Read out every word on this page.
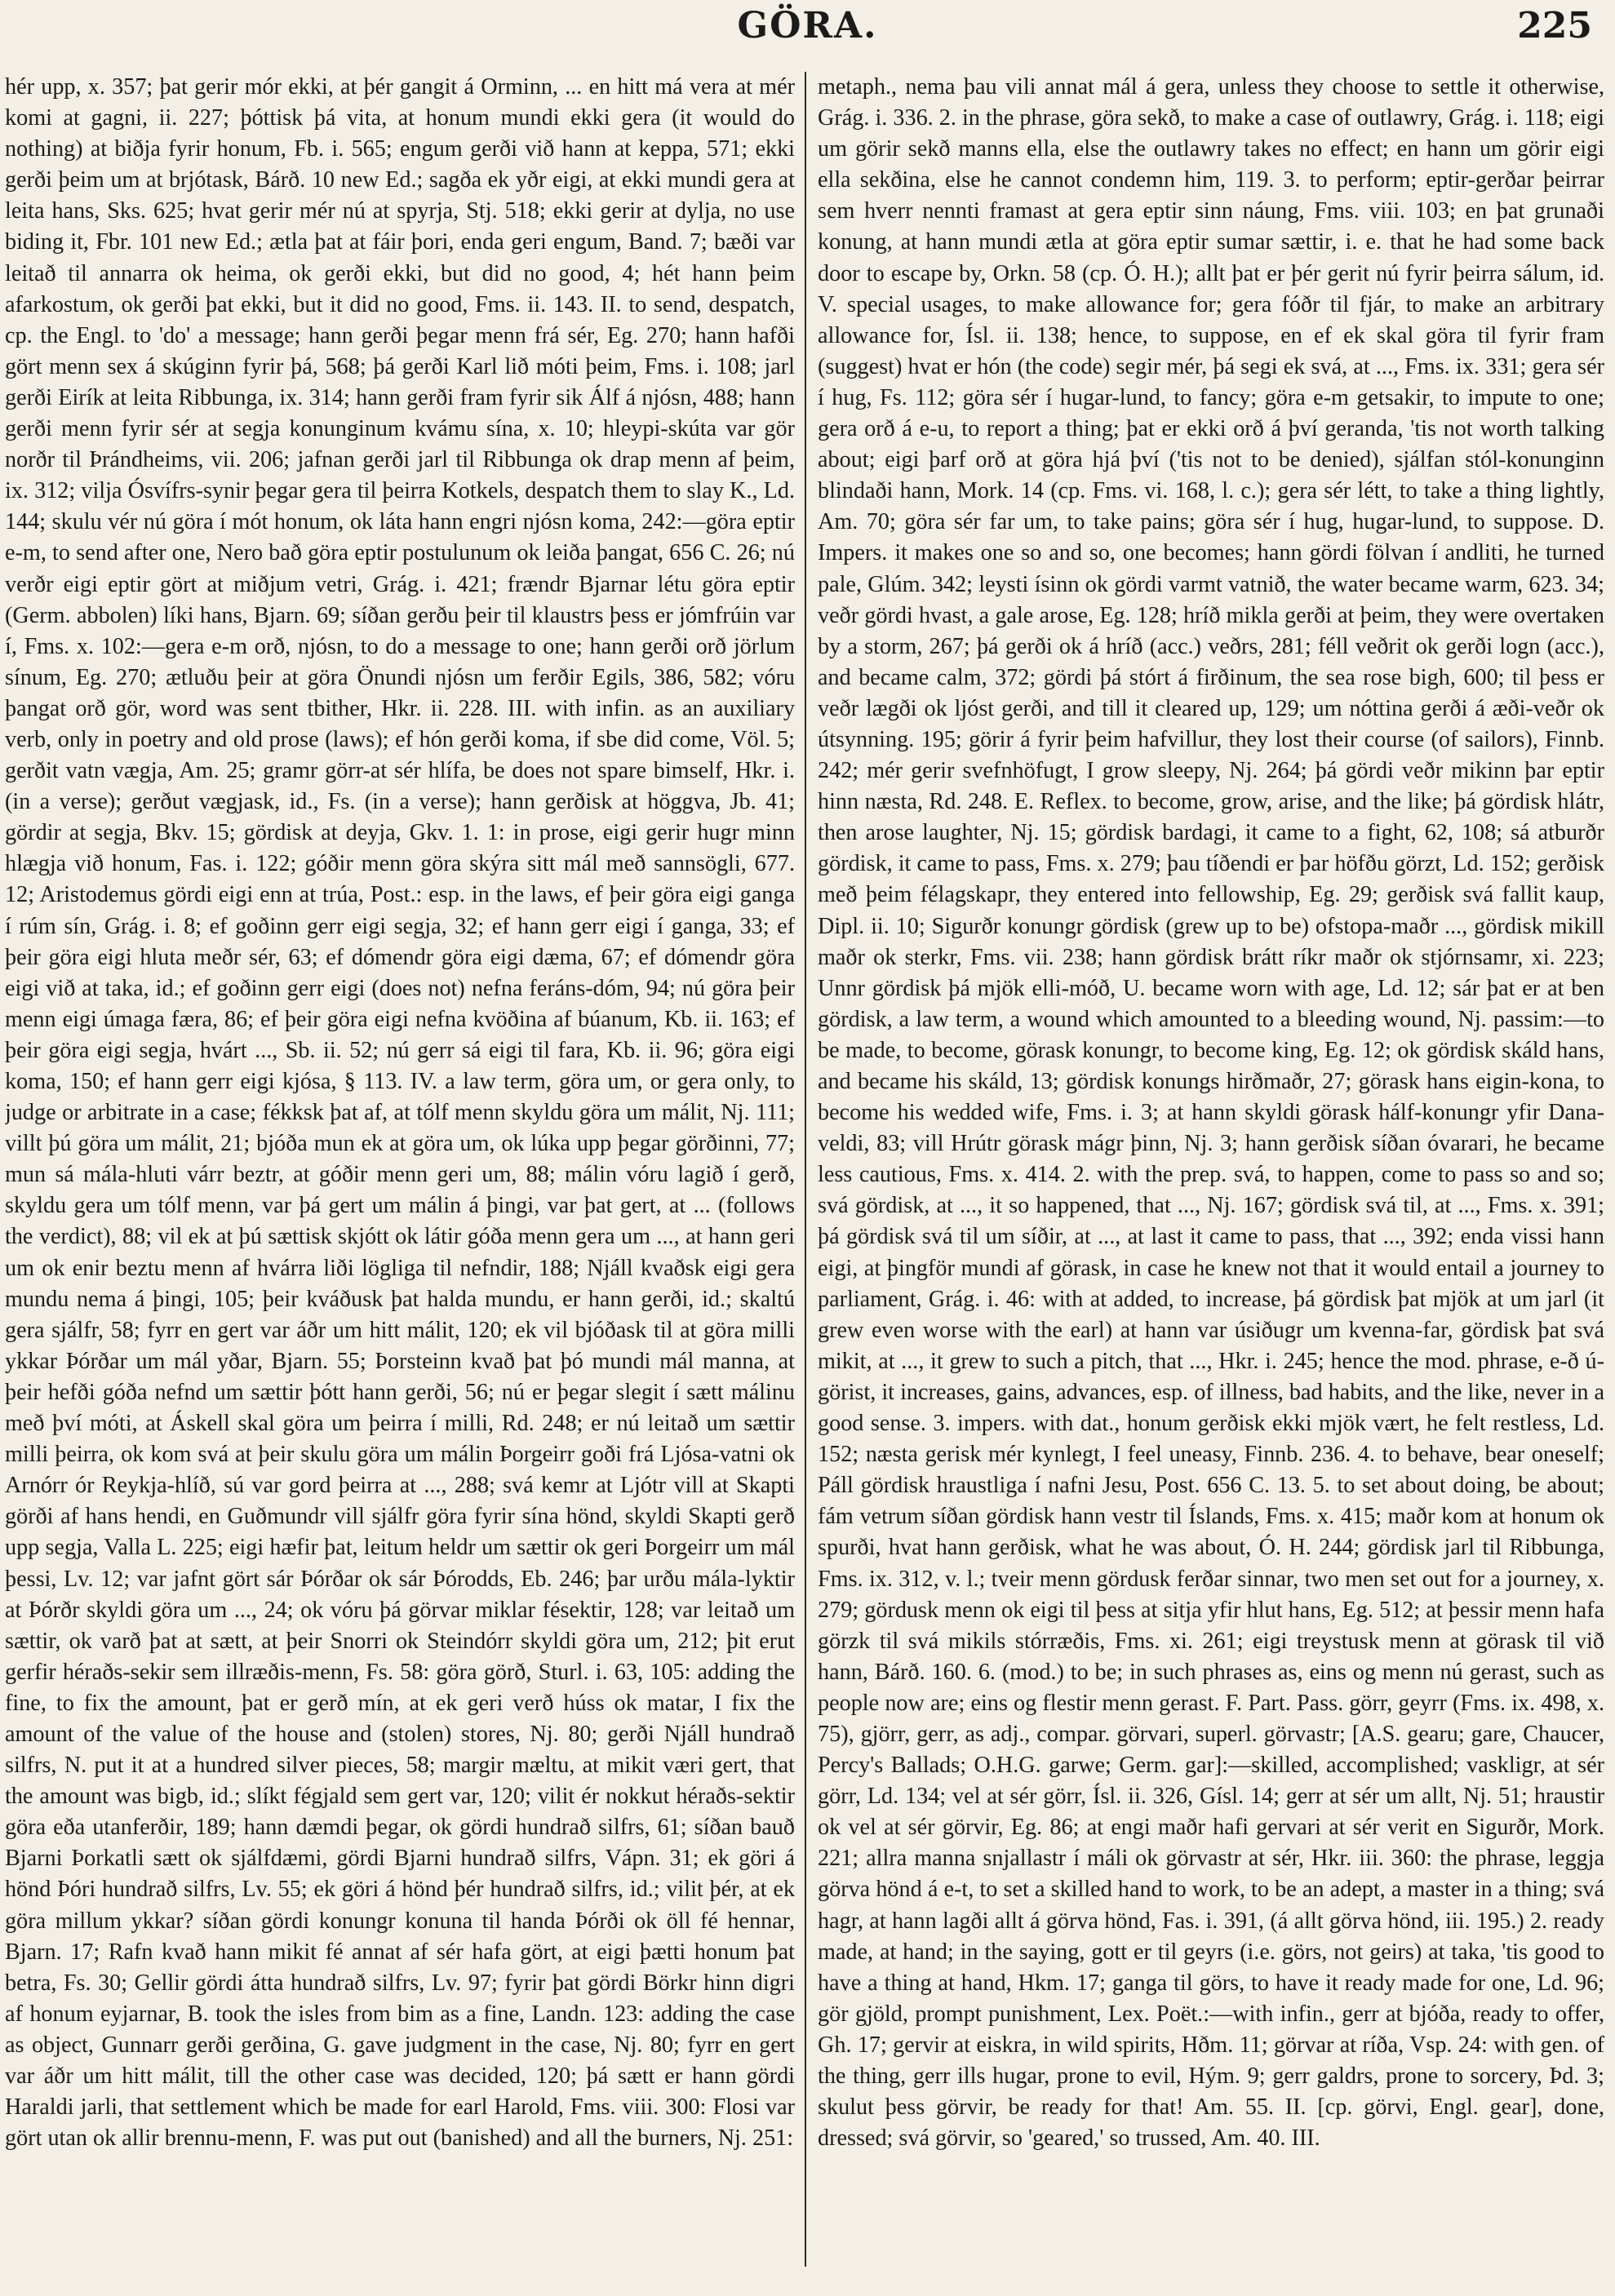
GÖRA.	225

hér upp, x. 357; þat gerir mór ekki, at þér gangit á Orminn, ... en hitt má vera at mér komi at gagni, ii. 227; þóttisk þá vita, at honum mundi ekki gera (it would do nothing) at biðja fyrir honum, Fb. i. 565; engum gerði við hann at keppa, 571; ekki gerði þeim um at brjótask, Bárð. 10 new Ed.; sagða ek yðr eigi, at ekki mundi gera at leita hans, Sks. 625; hvat gerir mér nú at spyrja, Stj. 518; ekki gerir at dylja, no use biding it, Fbr. 101 new Ed.; ætla þat at fáir þori, enda geri engum, Band. 7; bæði var leitað til annarra ok heima, ok gerði ekki, but did no good, 4; hét hann þeim afarkostum, ok gerði þat ekki, but it did no good, Fms. ii. 143. II. to send, despatch, cp. the Engl. to 'do' a message; hann gerði þegar menn frá sér, Eg. 270; hann hafði gört menn sex á skúginn fyrir þá, 568; þá gerði Karl lið móti þeim, Fms. i. 108; jarl gerði Eirík at leita Ribbunga, ix. 314; hann gerði fram fyrir sik Álf á njósn, 488; hann gerði menn fyrir sér at segja konunginum kvámu sína, x. 10; hleypi-skúta var gör norðr til Þrándheims, vii. 206; jafnan gerði jarl til Ribbunga ok drap menn af þeim, ix. 312; vilja Ósvífrs-synir þegar gera til þeirra Kotkels, despatch them to slay K., Ld. 144; skulu vér nú göra í mót honum, ok láta hann engri njósn koma, 242:—göra eptir e-m, to send after one, Nero bað göra eptir postulunum ok leiða þangat, 656 C. 26; nú verðr eigi eptir gört at miðjum vetri, Grág. i. 421; frændr Bjarnar létu göra eptir (Germ. abbolen) líki hans, Bjarn. 69; síðan gerðu þeir til klaustrs þess er jómfrúin var í, Fms. x. 102:—gera e-m orð, njósn, to do a message to one; hann gerði orð jörlum sínum, Eg. 270; ætluðu þeir at göra Önundi njósn um ferðir Egils, 386, 582; vóru þangat orð gör, word was sent tbither, Hkr. ii. 228. III. with infin. as an auxiliary verb, only in poetry and old prose (laws); ef hón gerði koma, if sbe did come, Völ. 5; gerðit vatn vægja, Am. 25; gramr görr-at sér hlífa, be does not spare bimself, Hkr. i. (in a verse); gerðut vægjask, id., Fs. (in a verse); hann gerðisk at höggva, Jb. 41; gördir at segja, Bkv. 15; gördisk at deyja, Gkv. 1. 1: in prose, eigi gerir hugr minn hlægja við honum, Fas. i. 122; góðir menn göra skýra sitt mál með sannsögli, 677. 12; Aristodemus gördi eigi enn at trúa, Post.: esp. in the laws, ef þeir göra eigi ganga í rúm sín, Grág. i. 8; ef goðinn gerr eigi segja, 32; ef hann gerr eigi í ganga, 33; ef þeir göra eigi hluta meðr sér, 63; ef dómendr göra eigi dæma, 67; ef dómendr göra eigi við at taka, id.; ef goðinn gerr eigi (does not) nefna feráns-dóm, 94; nú göra þeir menn eigi úmaga færa, 86; ef þeir göra eigi nefna kvöðina af búanum, Kb. ii. 163; ef þeir göra eigi segja, hvárt ..., Sb. ii. 52; nú gerr sá eigi til fara, Kb. ii. 96; göra eigi koma, 150; ef hann gerr eigi kjósa, § 113. IV. a law term, göra um, or gera only, to judge or arbitrate in a case; fékksk þat af, at tólf menn skyldu göra um málit, Nj. 111; villt þú göra um málit, 21; bjóða mun ek at göra um, ok lúka upp þegar görðinni, 77; mun sá málа-hluti várr beztr, at góðir menn geri um, 88; málin vóru lagið í gerð, skyldu gera um tólf menn, var þá gert um málin á þingi, var þat gert, at ... (follows the verdict), 88; vil ek at þú sættisk skjótt ok látir góða menn gera um ..., at hann geri um ok enir beztu menn af hvárra liði lögliga til nefndir, 188; Njáll kvaðsk eigi gera mundu nema á þingi, 105; þeir kváðusk þat halda mundu, er hann gerði, id.; skaltú gera sjálfr, 58; fyrr en gert var áðr um hitt málit, 120; ek vil bjóðask til at göra milli ykkar Þórðar um mál yðar, Bjarn. 55; Þorsteinn kvað þat þó mundi mál manna, at þeir hefði góða nefnd um sættir þótt hann gerði, 56; nú er þegar slegit í sætt málinu með því móti, at Áskell skal göra um þeirra í milli, Rd. 248; er nú leitað um sættir milli þeirra, ok kom svá at þeir skulu göra um málin Þorgeirr goði frá Ljósa-vatni ok Arnórr ór Reykja-hlíð, sú var gord þeirra at ..., 288; svá kemr at Ljótr vill at Skapti görði af hans hendi, en Guðmundr vill sjálfr göra fyrir sína hönd, skyldi Skapti gerð upp segja, Valla L. 225; eigi hæfir þat, leitum heldr um sættir ok geri Þorgeirr um mál þessi, Lv. 12; var jafnt gört sár Þórðar ok sár Þórodds, Eb. 246; þar urðu mála-lyktir at Þórðr skyldi göra um ..., 24; ok vóru þá görvar miklar fésektir, 128; var leitað um sættir, ok varð þat at sætt, at þeir Snorri ok Steindórr skyldi göra um, 212; þit erut gerfir héraðs-sekir sem illræðis-menn, Fs. 58: göra görð, Sturl. i. 63, 105: adding the fine, to fix the amount, þat er gerð mín, at ek geri verð húss ok matar, I fix the amount of the value of the house and (stolen) stores, Nj. 80; gerði Njáll hundrað silfrs, N. put it at a hundred silver pieces, 58; margir mæltu, at mikit væri gert, that the amount was bigb, id.; slíkt fégjald sem gert var, 120; vilit ér nokkut héraðs-sektir göra eða utanferðir, 189; hann dæmdi þegar, ok gördi hundrað silfrs, 61; síðan bauð Bjarni Þorkatli sætt ok sjálfdæmi, gördi Bjarni hundrað silfrs, Vápn. 31; ek göri á hönd Þóri hundrað silfrs, Lv. 55; ek göri á hönd þér hundrað silfrs, id.; vilit þér, at ek göra millum ykkar? síðan gördi konungr konuna til handa Þórði ok öll fé hennar, Bjarn. 17; Rafn kvað hann mikit fé annat af sér hafa gört, at eigi þætti honum þat betra, Fs. 30; Gellir gördi átta hundrað silfrs, Lv. 97; fyrir þat gördi Börkr hinn digri af honum eyjarnar, B. took the isles from bim as a fine, Landn. 123: adding the case as object, Gunnarr gerði gerðina, G. gave judgment in the case, Nj. 80; fyrr en gert var áðr um hitt málit, till the other case was decided, 120; þá sætt er hann gördi Haraldi jarli, that settlement which be made for earl Harold, Fms. viii. 300: Flosi var gört utan ok allir brennu-menn, F. was put out (banished) and all the burners, Nj. 251:

metaph., nema þau vili annat mál á gera, unless they choose to settle it otherwise, Grág. i. 336. 2. in the phrase, göra sekð, to make a case of outlawry, Grág. i. 118; eigi um görir sekð manns ella, else the outlawry takes no effect; en hann um görir eigi ella sekðina, else he cannot condemn him, 119. 3. to perform; eptir-gerðar þeirrar sem hverr nennti framast at gera eptir sinn náung, Fms. viii. 103; en þat grunaði konung, at hann mundi ætla at göra eptir sumar sættir, i. e. that he had some back door to escape by, Orkn. 58 (cp. Ó. H.); allt þat er þér gerit nú fyrir þeirra sálum, id. V. special usages, to make allowance for; gera fóðr til fjár, to make an arbitrary allowance for, Ísl. ii. 138; hence, to suppose, en ef ek skal göra til fyrir fram (suggest) hvat er hón (the code) segir mér, þá segi ek svá, at ..., Fms. ix. 331; gera sér í hug, Fs. 112; göra sér í hugar-lund, to fancy; göra e-m getsakir, to impute to one; gera orð á e-u, to report a thing; þat er ekki orð á því geranda, 'tis not worth talking about; eigi þarf orð at göra hjá því ('tis not to be denied), sjálfan stól-konunginn blindaði hann, Mork. 14 (cp. Fms. vi. 168, l. c.); gera sér létt, to take a thing lightly, Am. 70; göra sér far um, to take pains; göra sér í hug, hugar-lund, to suppose. D. Impers. it makes one so and so, one becomes; hann gördi fölvan í andliti, he turned pale, Glúm. 342; leysti ísinn ok gördi varmt vatnið, the water became warm, 623. 34; veðr gördi hvast, a gale arose, Eg. 128; hríð mikla gerði at þeim, they were overtaken by a storm, 267; þá gerði ok á hríð (acc.) veðrs, 281; féll veðrit ok gerði logn (acc.), and became calm, 372; gördi þá stórt á firðinum, the sea rose bigh, 600; til þess er veðr lægði ok ljóst gerði, and till it cleared up, 129; um nóttina gerði á æði-veðr ok útsynning. 195; görir á fyrir þeim hafvillur, they lost their course (of sailors), Finnb. 242; mér gerir svefnhöfugt, I grow sleepy, Nj. 264; þá gördi veðr mikinn þar eptir hinn næsta, Rd. 248. E. Reflex. to become, grow, arise, and the like; þá gördisk hlátr, then arose laughter, Nj. 15; gördisk bardagi, it came to a fight, 62, 108; sá atburðr gördisk, it came to pass, Fms. x. 279; þau tíðendi er þar höfðu görzt, Ld. 152; gerðisk með þeim félagskapr, they entered into fellowship, Eg. 29; gerðisk svá fallit kaup, Dipl. ii. 10; Sigurðr konungr gördisk (grew up to be) ofstopa-maðr ..., gördisk mikill maðr ok sterkr, Fms. vii. 238; hann gördisk brátt ríkr maðr ok stjórnsamr, xi. 223; Unnr gördisk þá mjök elli-móð, U. became worn with age, Ld. 12; sár þat er at ben gördisk, a law term, a wound which amounted to a bleeding wound, Nj. passim:—to be made, to become, görask konungr, to become king, Eg. 12; ok gördisk skáld hans, and became his skáld, 13; gördisk konungs hirðmaðr, 27; görask hans eigin-kona, to become his wedded wife, Fms. i. 3; at hann skyldi görask hálf-konungr yfir Dana-veldi, 83; vill Hrútr görask mágr þinn, Nj. 3; hann gerðisk síðan óvarari, he became less cautious, Fms. x. 414. 2. with the prep. svá, to happen, come to pass so and so; svá gördisk, at ..., it so happened, that ..., Nj. 167; gördisk svá til, at ..., Fms. x. 391; þá gördisk svá til um síðir, at ..., at last it came to pass, that ..., 392; enda vissi hann eigi, at þingför mundi af görask, in case he knew not that it would entail a journey to parliament, Grág. i. 46: with at added, to increase, þá gördisk þat mjök at um jarl (it grew even worse with the earl) at hann var úsiðugr um kvenna-far, gördisk þat svá mikit, at ..., it grew to such a pitch, that ..., Hkr. i. 245; hence the mod. phrase, e-ð ú-görist, it increases, gains, advances, esp. of illness, bad habits, and the like, never in a good sense. 3. impers. with dat., honum gerðisk ekki mjök vært, he felt restless, Ld. 152; næsta gerisk mér kynlegt, I feel uneasy, Finnb. 236. 4. to behave, bear oneself; Páll gördisk hraustliga í nafni Jesu, Post. 656 C. 13. 5. to set about doing, be about; fám vetrum síðan gördisk hann vestr til Íslands, Fms. x. 415; maðr kom at honum ok spurði, hvat hann gerðisk, what he was about, Ó. H. 244; gördisk jarl til Ribbunga, Fms. ix. 312, v. l.; tveir menn gördusk ferðar sinnar, two men set out for a journey, x. 279; gördusk menn ok eigi til þess at sitja yfir hlut hans, Eg. 512; at þessir menn hafa görzk til svá mikils stórræðis, Fms. xi. 261; eigi treystusk menn at görask til við hann, Bárð. 160. 6. (mod.) to be; in such phrases as, eins og menn nú gerast, such as people now are; eins og flestir menn gerast. F. Part. Pass. görr, geyrr (Fms. ix. 498, x. 75), gjörr, gerr, as adj., compar. görvari, superl. görvastr; [A.S. gearu; gare, Chaucer, Percy's Ballads; O.H.G. garwe; Germ. gar]:—skilled, accomplished; vaskligr, at sér görr, Ld. 134; vel at sér görr, Ísl. ii. 326, Gísl. 14; gerr at sér um allt, Nj. 51; hraustir ok vel at sér görvir, Eg. 86; at engi maðr hafi gervari at sér verit en Sigurðr, Mork. 221; allra manna snjallastr í máli ok görvastr at sér, Hkr. iii. 360: the phrase, leggja görva hönd á e-t, to set a skilled hand to work, to be an adept, a master in a thing; svá hagr, at hann lagði allt á görva hönd, Fas. i. 391, (á allt görva hönd, iii. 195.) 2. ready made, at hand; in the saying, gott er til geyrs (i.e. görs, not geirs) at taka, 'tis good to have a thing at hand, Hkm. 17; ganga til görs, to have it ready made for one, Ld. 96; gör gjöld, prompt punishment, Lex. Poët.:—with infin., gerr at bjóða, ready to offer, Gh. 17; gervir at eiskra, in wild spirits, Hðm. 11; görvar at ríða, Vsp. 24: with gen. of the thing, gerr ills hugar, prone to evil, Hým. 9; gerr galdrs, prone to sorcery, Þd. 3; skulut þess görvir, be ready for that! Am. 55. II. [cp. görvi, Engl. gear], done, dressed; svá görvir, so 'geared,' so trussed, Am. 40. III.
